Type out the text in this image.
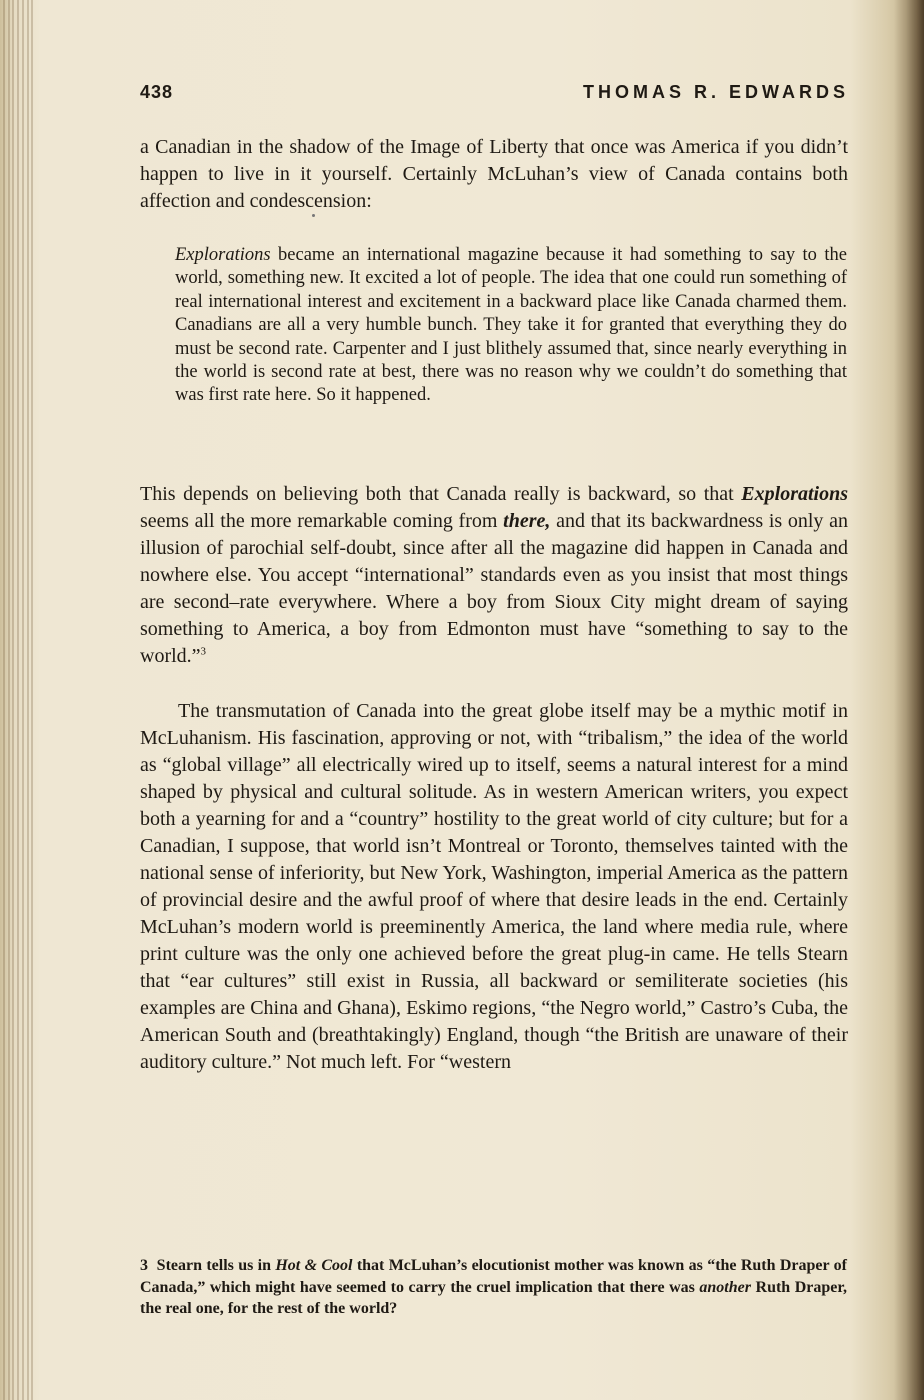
438	THOMAS R. EDWARDS

a Canadian in the shadow of the Image of Liberty that once was America if you didn’t happen to live in it yourself. Certainly McLuhan’s view of Canada contains both affection and condescension:

Explorations became an international magazine because it had something to say to the world, something new. It excited a lot of people. The idea that one could run something of real international interest and excitement in a backward place like Canada charmed them. Canadians are all a very humble bunch. They take it for granted that everything they do must be second rate. Carpenter and I just blithely assumed that, since nearly everything in the world is second rate at best, there was no reason why we couldn’t do something that was first rate here. So it happened.

This depends on believing both that Canada really is backward, so that Explorations seems all the more remarkable coming from there, and that its backwardness is only an illusion of parochial self-doubt, since after all the magazine did happen in Canada and nowhere else. You accept “international” standards even as you insist that most things are second–rate everywhere. Where a boy from Sioux City might dream of saying something to America, a boy from Edmonton must have “something to say to the world.”$^3$

The transmutation of Canada into the great globe itself may be a mythic motif in McLuhanism. His fascination, approving or not, with “tribalism,” the idea of the world as “global village” all electrically wired up to itself, seems a natural interest for a mind shaped by physical and cultural solitude. As in western American writers, you expect both a yearning for and a “country” hostility to the great world of city culture; but for a Canadian, I suppose, that world isn’t Montreal or Toronto, themselves tainted with the national sense of inferiority, but New York, Washington, imperial America as the pattern of provincial desire and the awful proof of where that desire leads in the end. Certainly McLuhan’s modern world is preeminently America, the land where media rule, where print culture was the only one achieved before the great plug-in came. He tells Stearn that “ear cultures” still exist in Russia, all backward or semiliterate societies (his examples are China and Ghana), Eskimo regions, “the Negro world,” Castro’s Cuba, the American South and (breathtakingly) England, though “the British are unaware of their auditory culture.” Not much left. For “western

3 Stearn tells us in Hot & Cool that McLuhan’s elocutionist mother was known as “the Ruth Draper of Canada,” which might have seemed to carry the cruel implication that there was another Ruth Draper, the real one, for the rest of the world?
